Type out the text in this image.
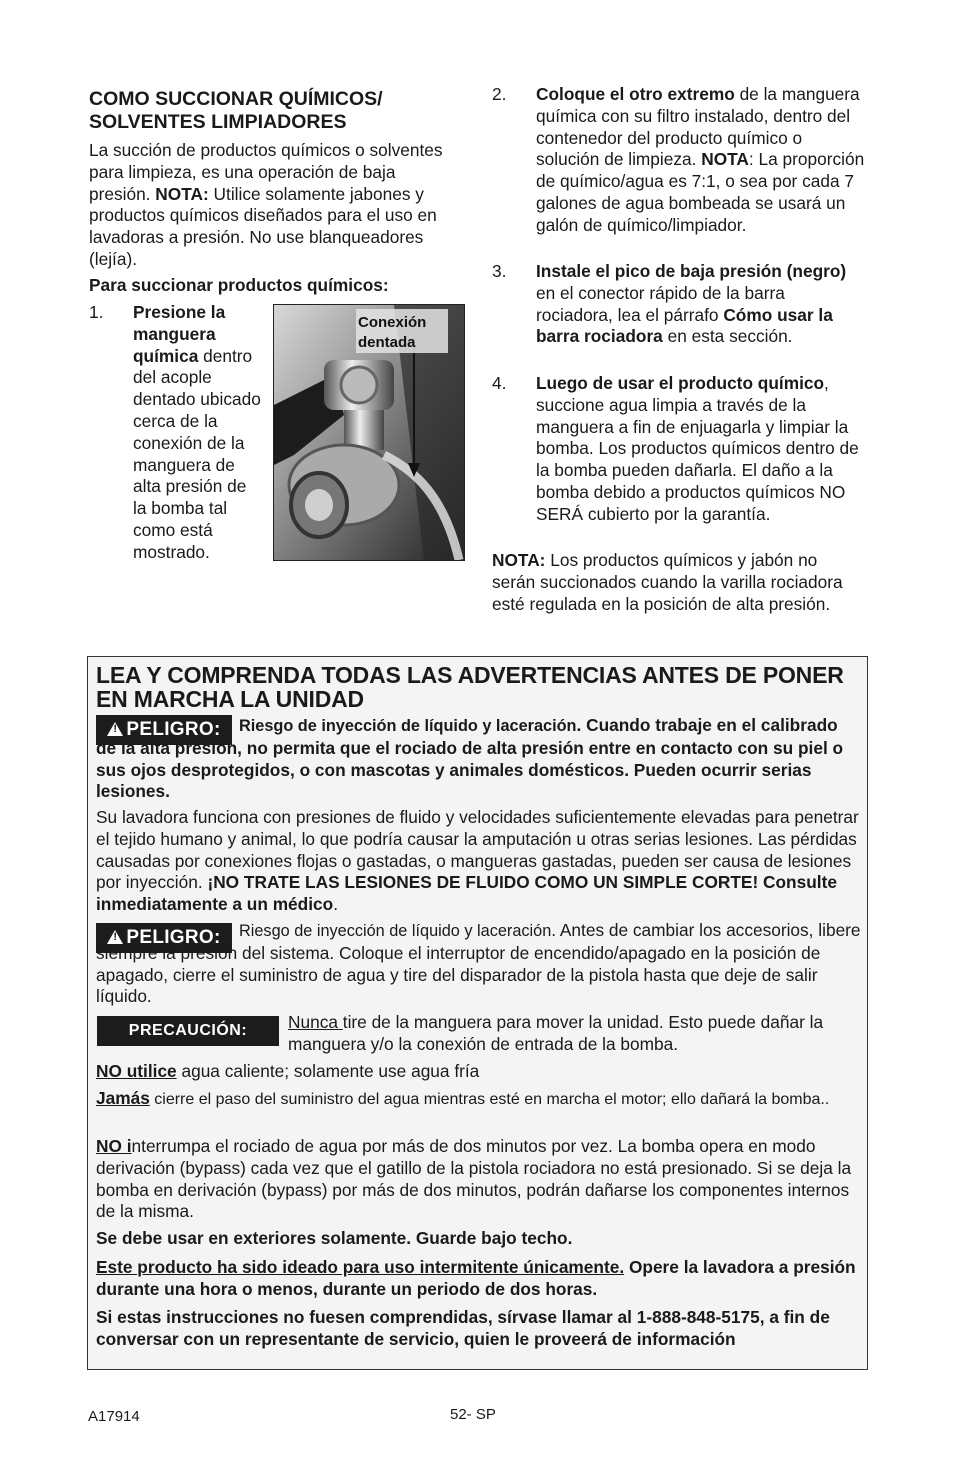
COMO SUCCIONAR QUÍMICOS/ SOLVENTES LIMPIADORES
La succión de productos químicos o solventes para limpieza, es una operación de baja presión. NOTA: Utilice solamente jabones y productos químicos diseñados para el uso en lavadoras a presión. No use blanqueadores (lejía).
Para succionar productos químicos:
1. Presione la manguera química dentro del acople dentado ubicado cerca de la conexión de la manguera de alta presión de la bomba tal como está mostrado.
Conexión dentada
2. Coloque el otro extremo de la manguera química con su filtro instalado, dentro del contenedor del producto químico o solución de limpieza. NOTA: La proporción de químico/agua es 7:1, o sea por cada 7 galones de agua bombeada se usará un galón de químico/limpiador.
3. Instale el pico de baja presión (negro) en el conector rápido de la barra rociadora, lea el párrafo Cómo usar la barra rociadora en esta sección.
4. Luego de usar el producto químico, succione agua limpia a través de la manguera a fin de enjuagarla y limpiar la bomba. Los productos químicos dentro de la bomba pueden dañarla. El daño a la bomba debido a productos químicos NO SERÁ cubierto por la garantía.
NOTA: Los productos químicos y jabón no serán succionados cuando la varilla rociadora esté regulada en la posición de alta presión.
LEA Y COMPRENDA TODAS LAS ADVERTENCIAS ANTES DE PONER EN MARCHA LA UNIDAD
! PELIGRO:	Riesgo de inyección de líquido y laceración. Cuando trabaje en el calibrado de la alta presión, no permita que el rociado de alta presión entre en contacto con su piel o sus ojos desprotegidos, o con mascotas y animales domésticos. Pueden ocurrir serias lesiones.
Su lavadora funciona con presiones de fluido y velocidades suficientemente elevadas para penetrar el tejido humano y animal, lo que podría causar la amputación u otras serias lesiones. Las pérdidas causadas por conexiones flojas o gastadas, o mangueras gastadas, pueden ser causa de lesiones por inyección. ¡NO TRATE LAS LESIONES DE FLUIDO COMO UN SIMPLE CORTE! Consulte inmediatamente a un médico.
! PELIGRO:	Riesgo de inyección de líquido y laceración. Antes de cambiar los accesorios, libere siempre la presión del sistema. Coloque el interruptor de encendido/apagado en la posición de apagado, cierre el suministro de agua y tire del disparador de la pistola hasta que deje de salir líquido.
PRECAUCIÓN: Nunca tire de la manguera para mover la unidad. Esto puede dañar la manguera y/o la conexión de entrada de la bomba.
NO utilice agua caliente; solamente use agua fría
Jamás cierre el paso del suministro del agua mientras esté en marcha el motor; ello dañará la bomba..
NO interrumpa el rociado de agua por más de dos minutos por vez. La bomba opera en modo derivación (bypass) cada vez que el gatillo de la pistola rociadora no está presionado. Si se deja la bomba en derivación (bypass) por más de dos minutos, podrán dañarse los componentes internos de la misma.
Se debe usar en exteriores solamente. Guarde bajo techo.
Este producto ha sido ideado para uso intermitente únicamente. Opere la lavadora a presión durante una hora o menos, durante un periodo de dos horas.
Si estas instrucciones no fuesen comprendidas, sírvase llamar al 1-888-848-5175, a fin de conversar con un representante de servicio, quien le proveerá de información
A17914	52- SP
